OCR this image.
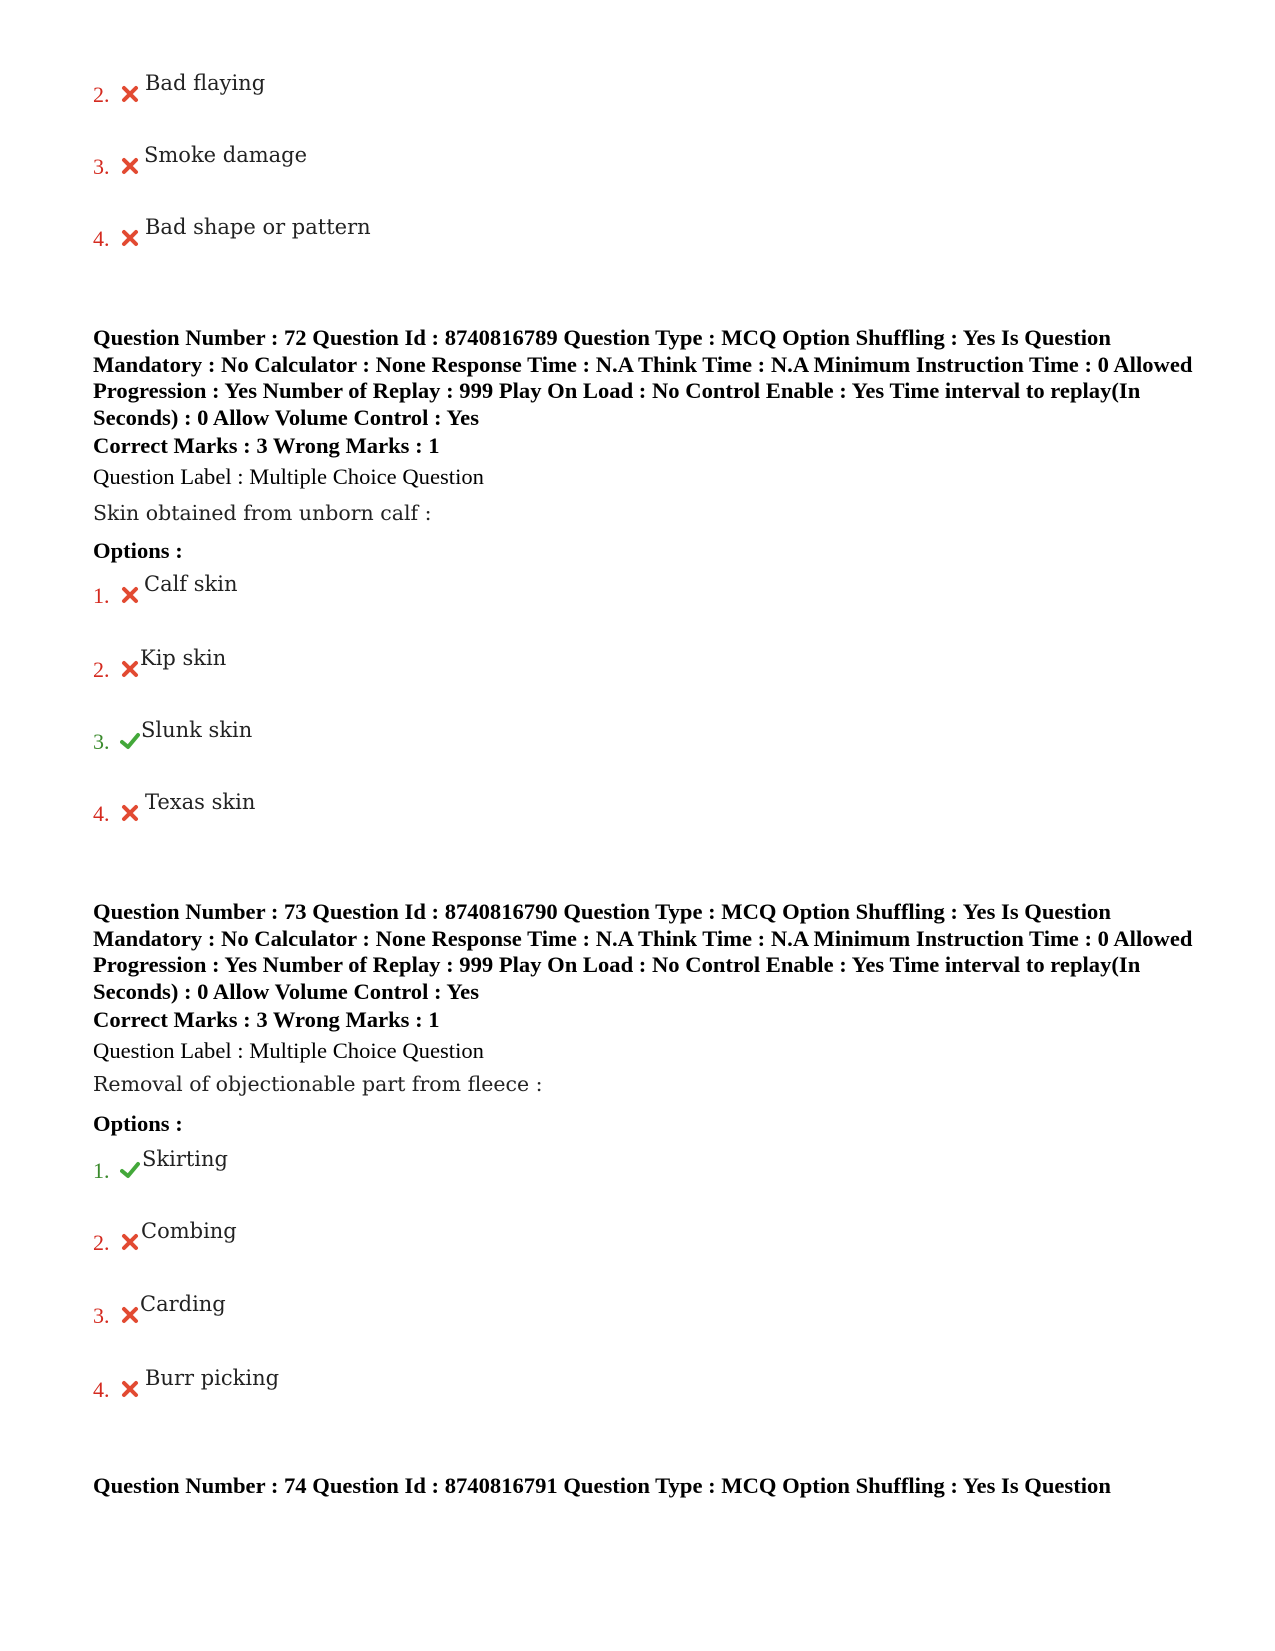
2. Bad flaying
3. Smoke damage
4. Bad shape or pattern
Question Number : 72 Question Id : 8740816789 Question Type : MCQ Option Shuffling : Yes Is Question Mandatory : No Calculator : None Response Time : N.A Think Time : N.A Minimum Instruction Time : 0 Allowed Progression : Yes Number of Replay : 999 Play On Load : No Control Enable : Yes Time interval to replay(In Seconds) : 0 Allow Volume Control : Yes
Correct Marks : 3 Wrong Marks : 1
Question Label : Multiple Choice Question
Skin obtained from unborn calf :
Options :
1. Calf skin
2. Kip skin
3. Slunk skin
4. Texas skin
Question Number : 73 Question Id : 8740816790 Question Type : MCQ Option Shuffling : Yes Is Question Mandatory : No Calculator : None Response Time : N.A Think Time : N.A Minimum Instruction Time : 0 Allowed Progression : Yes Number of Replay : 999 Play On Load : No Control Enable : Yes Time interval to replay(In Seconds) : 0 Allow Volume Control : Yes
Correct Marks : 3 Wrong Marks : 1
Question Label : Multiple Choice Question
Removal of objectionable part from fleece :
Options :
1. Skirting
2. Combing
3. Carding
4. Burr picking
Question Number : 74 Question Id : 8740816791 Question Type : MCQ Option Shuffling : Yes Is Question
